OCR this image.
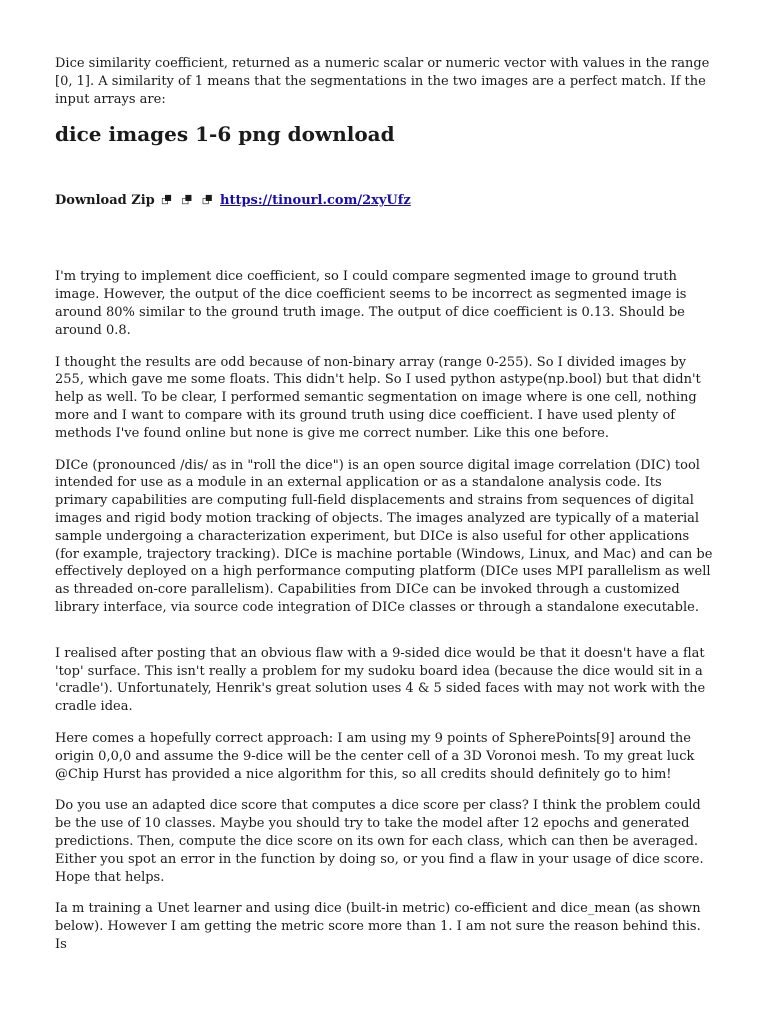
Dice similarity coefficient, returned as a numeric scalar or numeric vector with values in the range [0, 1]. A similarity of 1 means that the segmentations in the two images are a perfect match. If the input arrays are:

dice images 1-6 png download
Download Zip ⮻ ⮻ ⮻ https://tinourl.com/2xyUfz

I'm trying to implement dice coefficient, so I could compare segmented image to ground truth image. However, the output of the dice coefficient seems to be incorrect as segmented image is around 80% similar to the ground truth image. The output of dice coefficient is 0.13. Should be around 0.8.

I thought the results are odd because of non-binary array (range 0-255). So I divided images by 255, which gave me some floats. This didn't help. So I used python astype(np.bool) but that didn't help as well. To be clear, I performed semantic segmentation on image where is one cell, nothing more and I want to compare with its ground truth using dice coefficient. I have used plenty of methods I've found online but none is give me correct number. Like this one before.

DICe (pronounced /dis/ as in "roll the dice") is an open source digital image correlation (DIC) tool intended for use as a module in an external application or as a standalone analysis code. Its primary capabilities are computing full-field displacements and strains from sequences of digital images and rigid body motion tracking of objects. The images analyzed are typically of a material sample undergoing a characterization experiment, but DICe is also useful for other applications (for example, trajectory tracking). DICe is machine portable (Windows, Linux, and Mac) and can be effectively deployed on a high performance computing platform (DICe uses MPI parallelism as well as threaded on-core parallelism). Capabilities from DICe can be invoked through a customized library interface, via source code integration of DICe classes or through a standalone executable.

I realised after posting that an obvious flaw with a 9-sided dice would be that it doesn't have a flat 'top' surface. This isn't really a problem for my sudoku board idea (because the dice would sit in a 'cradle'). Unfortunately, Henrik's great solution uses 4 & 5 sided faces with may not work with the cradle idea.

Here comes a hopefully correct approach: I am using my 9 points of SpherePoints[9] around the origin 0,0,0 and assume the 9-dice will be the center cell of a 3D Voronoi mesh. To my great luck @Chip Hurst has provided a nice algorithm for this, so all credits should definitely go to him!

Do you use an adapted dice score that computes a dice score per class? I think the problem could be the use of 10 classes. Maybe you should try to take the model after 12 epochs and generated predictions. Then, compute the dice score on its own for each class, which can then be averaged. Either you spot an error in the function by doing so, or you find a flaw in your usage of dice score. Hope that helps.

Ia m training a Unet learner and using dice (built-in metric) co-efficient and dice_mean (as shown below). However I am getting the metric score more than 1. I am not sure the reason behind this. Is
